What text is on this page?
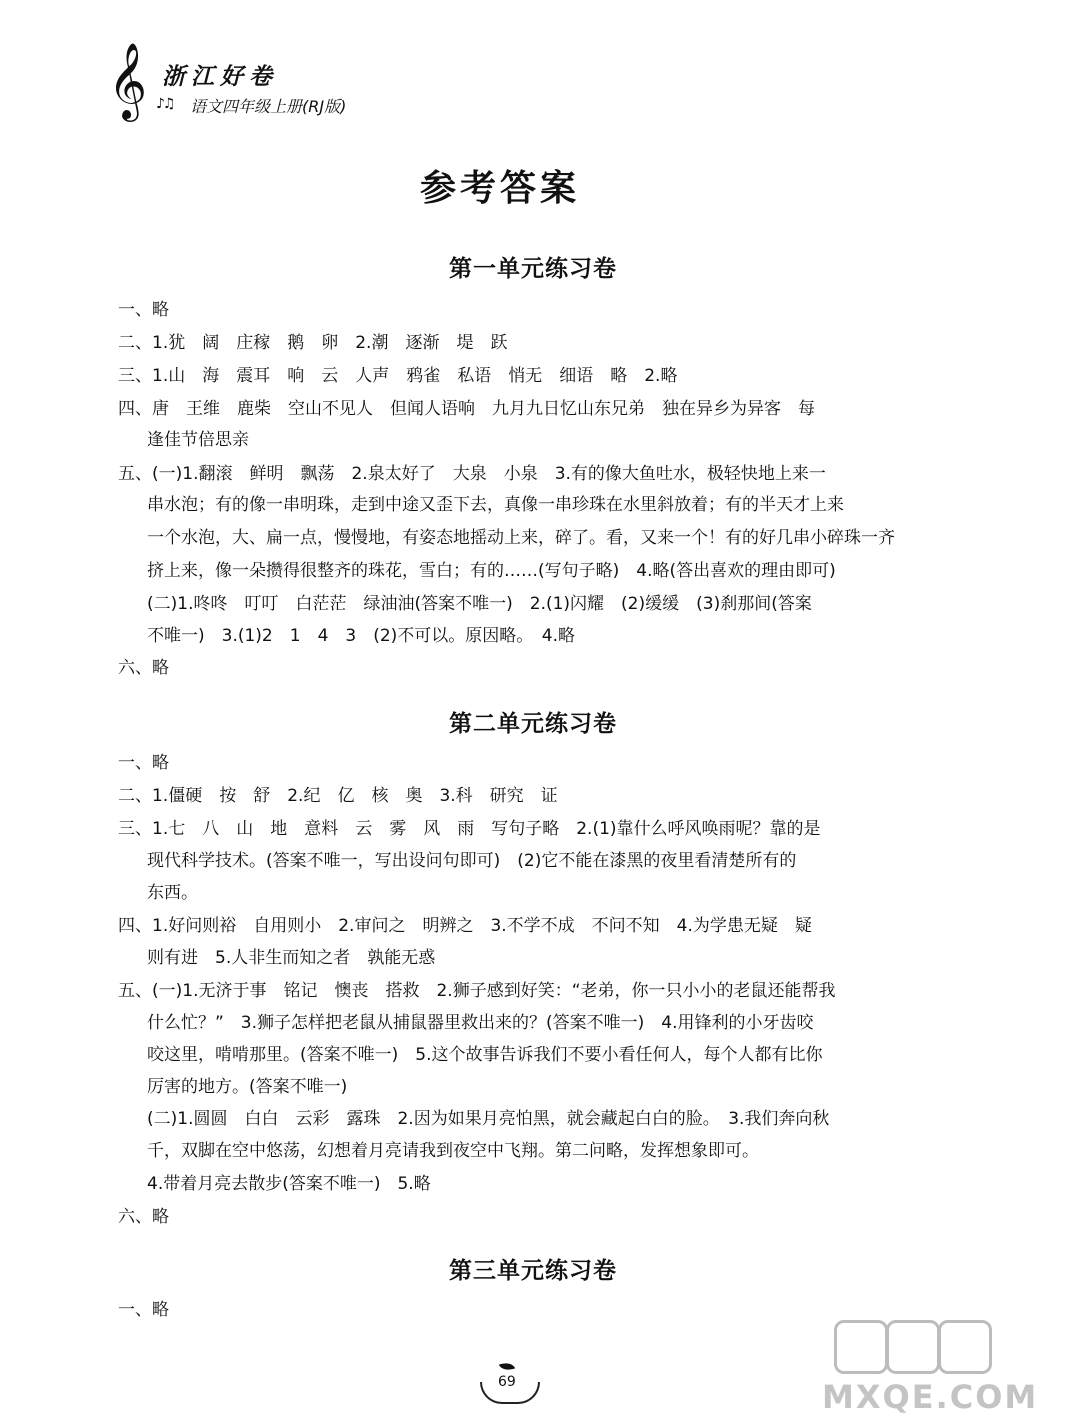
𝄞 ♪♫
浙江好卷
语文四年级上册(RJ版)
参考答案
第一单元练习卷
一、略
二、1.犹　阔　庄稼　鹅　卵　2.潮　逐渐　堤　跃
三、1.山　海　震耳　响　云　人声　鸦雀　私语　悄无　细语　略　2.略
四、唐　王维　鹿柴　空山不见人　但闻人语响　九月九日忆山东兄弟　独在异乡为异客　每
逢佳节倍思亲
五、(一)1.翻滚　鲜明　飘荡　2.泉太好了　大泉　小泉　3.有的像大鱼吐水，极轻快地上来一
串水泡；有的像一串明珠，走到中途又歪下去，真像一串珍珠在水里斜放着；有的半天才上来
一个水泡，大、扁一点，慢慢地，有姿态地摇动上来，碎了。看，又来一个！有的好几串小碎珠一齐
挤上来，像一朵攒得很整齐的珠花，雪白；有的……(写句子略)　4.略(答出喜欢的理由即可)
(二)1.咚咚　叮叮　白茫茫　绿油油(答案不唯一)　2.(1)闪耀　(2)缓缓　(3)刹那间(答案
不唯一)　3.(1)2　1　4　3　(2)不可以。原因略。　4.略
六、略
第二单元练习卷
一、略
二、1.僵硬　按　舒　2.纪　亿　核　奥　3.科　研究　证
三、1.七　八　山　地　意料　云　雾　风　雨　写句子略　2.(1)靠什么呼风唤雨呢？靠的是
现代科学技术。(答案不唯一，写出设问句即可)　(2)它不能在漆黑的夜里看清楚所有的
东西。
四、1.好问则裕　自用则小　2.审问之　明辨之　3.不学不成　不问不知　4.为学患无疑　疑
则有进　5.人非生而知之者　孰能无惑
五、(一)1.无济于事　铭记　懊丧　搭救　2.狮子感到好笑：“老弟，你一只小小的老鼠还能帮我
什么忙？”　3.狮子怎样把老鼠从捕鼠器里救出来的？(答案不唯一)　4.用锋利的小牙齿咬
咬这里，啃啃那里。(答案不唯一)　5.这个故事告诉我们不要小看任何人，每个人都有比你
厉害的地方。(答案不唯一)
(二)1.圆圆　白白　云彩　露珠　2.因为如果月亮怕黑，就会藏起白白的脸。　3.我们奔向秋
千，双脚在空中悠荡，幻想着月亮请我到夜空中飞翔。第二问略，发挥想象即可。
4.带着月亮去散步(答案不唯一)　5.略
六、略
第三单元练习卷
一、略
69	MXQE.COM
